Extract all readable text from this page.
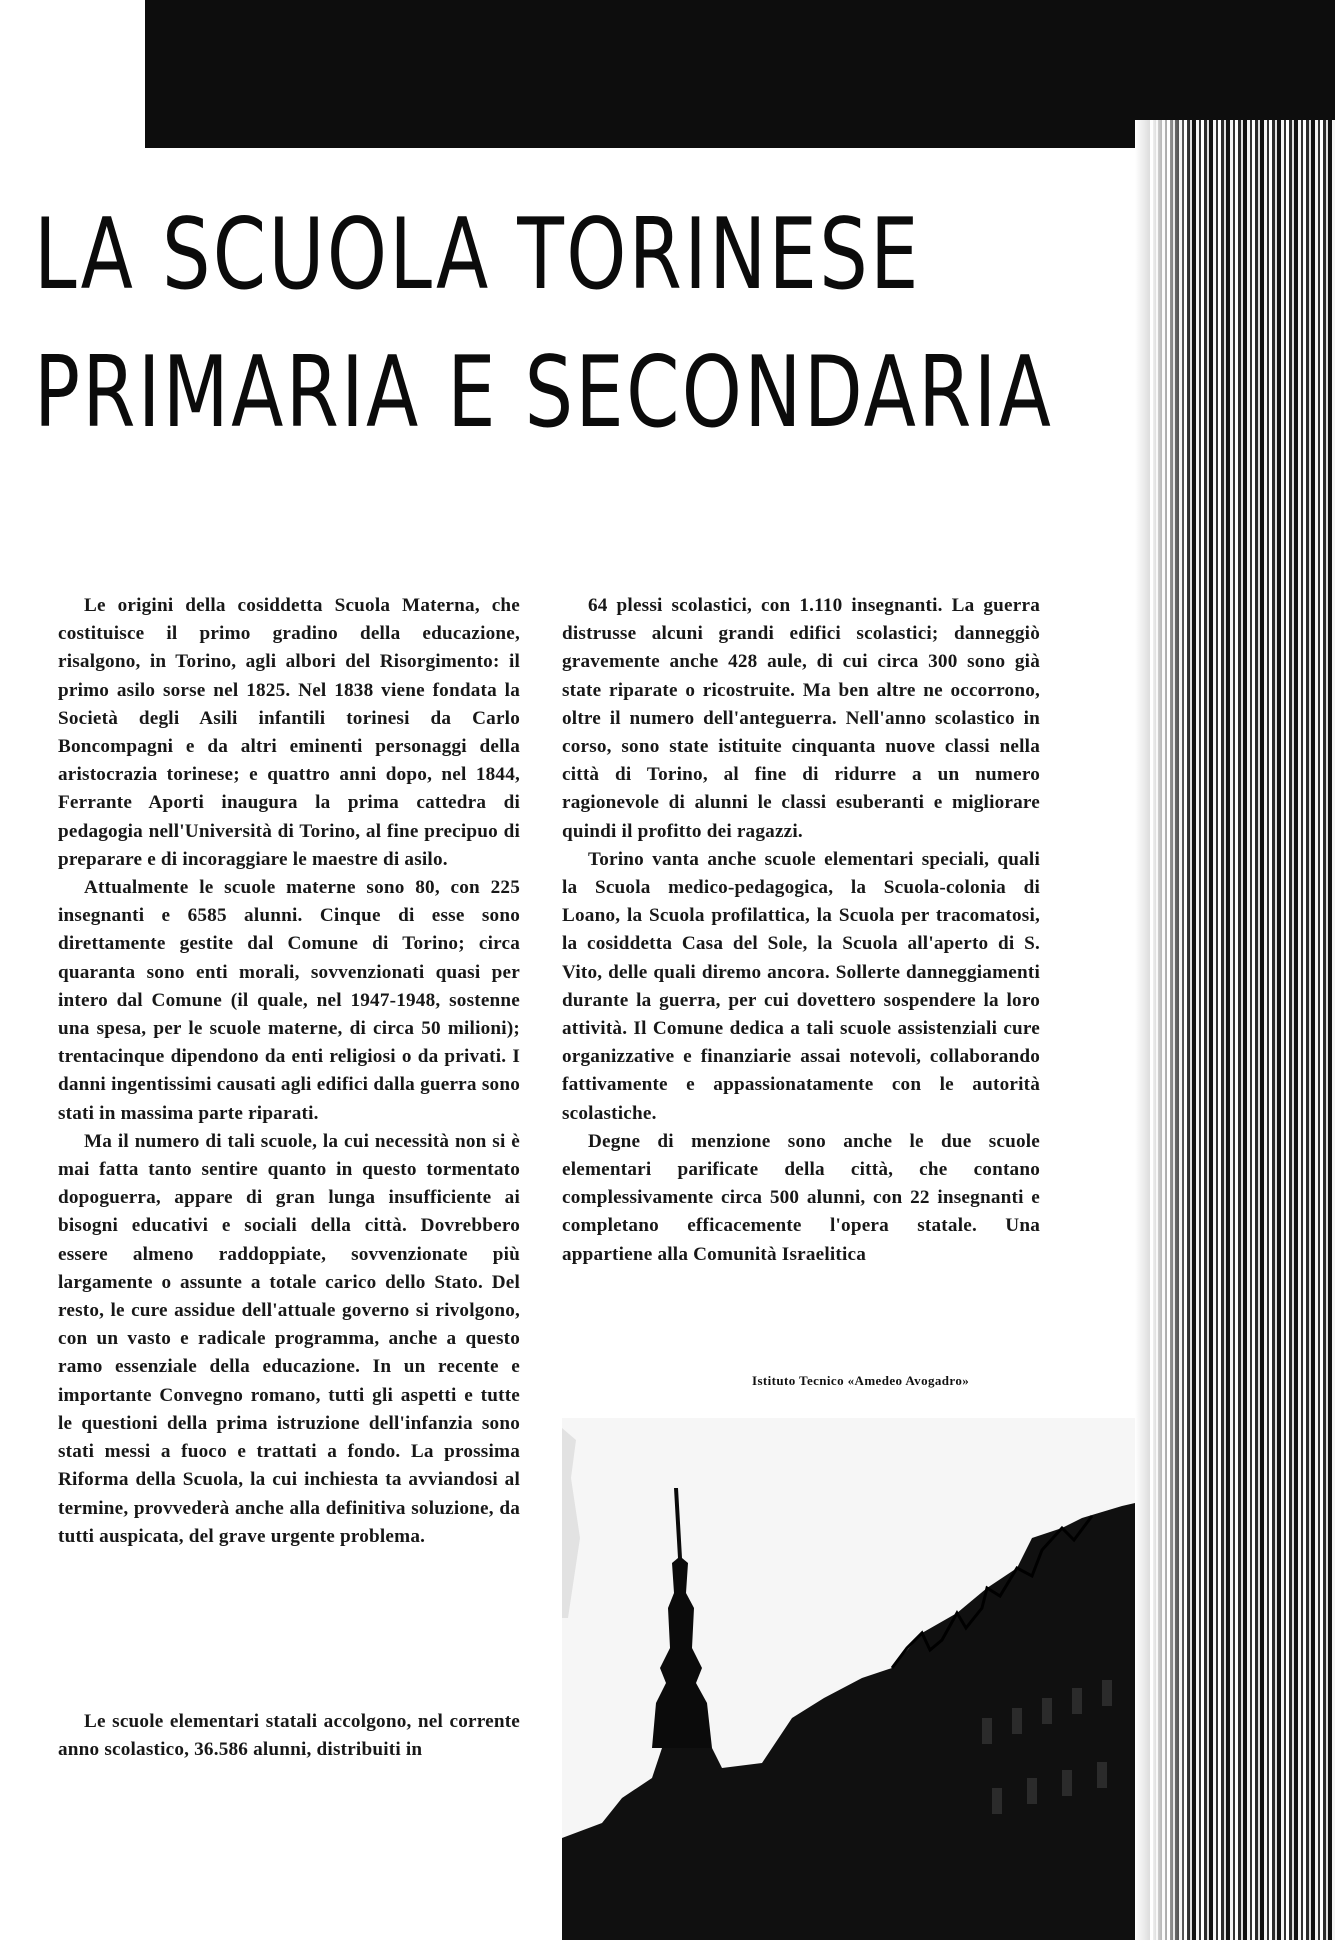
LA SCUOLA TORINESE
PRIMARIA E SECONDARIA

Le origini della cosiddetta Scuola Materna, che costituisce il primo gradino della educazione, risalgono, in Torino, agli albori del Risorgimento: il primo asilo sorse nel 1825. Nel 1838 viene fondata la Società degli Asili infantili torinesi da Carlo Boncompagni e da altri eminenti personaggi della aristocrazia torinese; e quattro anni dopo, nel 1844, Ferrante Aporti inaugura la prima cattedra di pedagogia nell'Università di Torino, al fine precipuo di preparare e di incoraggiare le maestre di asilo.

Attualmente le scuole materne sono 80, con 225 insegnanti e 6585 alunni. Cinque di esse sono direttamente gestite dal Comune di Torino; circa quaranta sono enti morali, sovvenzionati quasi per intero dal Comune (il quale, nel 1947-1948, sostenne una spesa, per le scuole materne, di circa 50 milioni); trentacinque dipendono da enti religiosi o da privati. I danni ingentissimi causati agli edifici dalla guerra sono stati in massima parte riparati.

Ma il numero di tali scuole, la cui necessità non si è mai fatta tanto sentire quanto in questo tormentato dopoguerra, appare di gran lunga insufficiente ai bisogni educativi e sociali della città. Dovrebbero essere almeno raddoppiate, sovvenzionate più largamente o assunte a totale carico dello Stato. Del resto, le cure assidue dell'attuale governo si rivolgono, con un vasto e radicale programma, anche a questo ramo essenziale della educazione. In un recente e importante Convegno romano, tutti gli aspetti e tutte le questioni della prima istruzione dell'infanzia sono stati messi a fuoco e trattati a fondo. La prossima Riforma della Scuola, la cui inchiesta ta avviandosi al termine, provvederà anche alla definitiva soluzione, da tutti auspicata, del grave urgente problema.

Le scuole elementari statali accolgono, nel corrente anno scolastico, 36.586 alunni, distribuiti in

64 plessi scolastici, con 1.110 insegnanti. La guerra distrusse alcuni grandi edifici scolastici; danneggiò gravemente anche 428 aule, di cui circa 300 sono già state riparate o ricostruite. Ma ben altre ne occorrono, oltre il numero dell'anteguerra. Nell'anno scolastico in corso, sono state istituite cinquanta nuove classi nella città di Torino, al fine di ridurre a un numero ragionevole di alunni le classi esuberanti e migliorare quindi il profitto dei ragazzi.

Torino vanta anche scuole elementari speciali, quali la Scuola medico-pedagogica, la Scuola-colonia di Loano, la Scuola profilattica, la Scuola per tracomatosi, la cosiddetta Casa del Sole, la Scuola all'aperto di S. Vito, delle quali diremo ancora. Sollerte danneggiamenti durante la guerra, per cui dovettero sospendere la loro attività. Il Comune dedica a tali scuole assistenziali cure organizzative e finanziarie assai notevoli, collaborando fattivamente e appassionatamente con le autorità scolastiche.

Degne di menzione sono anche le due scuole elementari parificate della città, che contano complessivamente circa 500 alunni, con 22 insegnanti e completano efficacemente l'opera statale. Una appartiene alla Comunità Israelitica

Istituto Tecnico «Amedeo Avogadro»
